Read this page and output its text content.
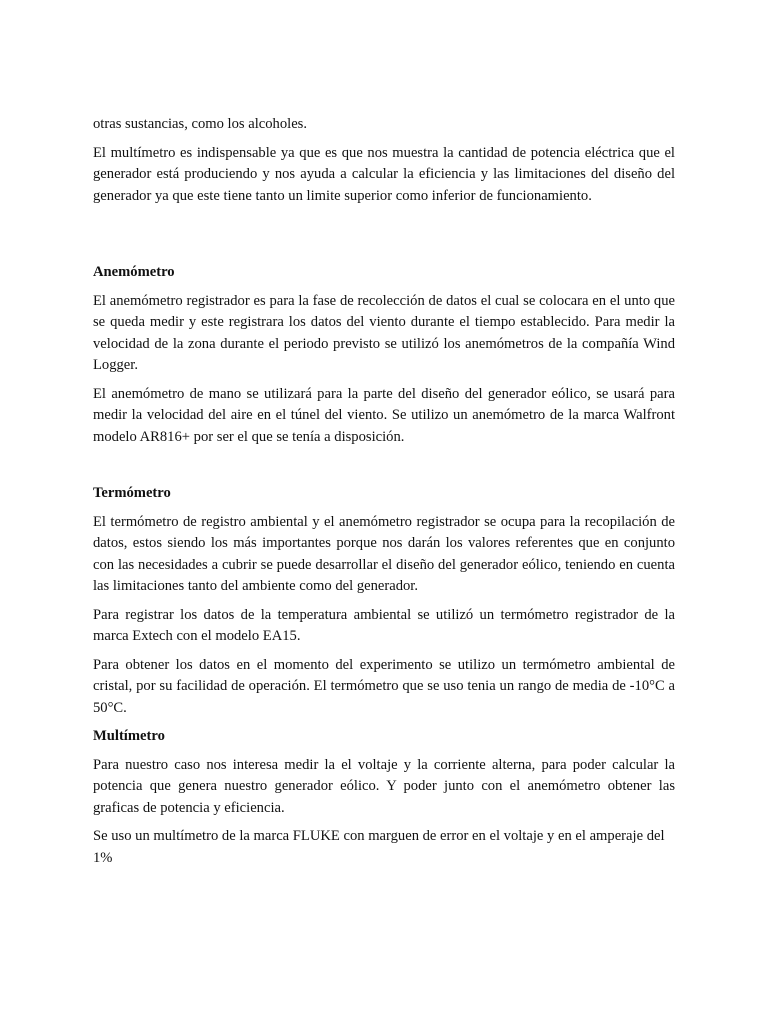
otras sustancias, como los alcoholes.

El multímetro es indispensable ya que es que nos muestra la cantidad de potencia eléctrica que el generador está produciendo y nos ayuda a calcular la eficiencia y las limitaciones del diseño del generador ya que este tiene tanto un limite superior como inferior de funcionamiento.

Anemómetro

El anemómetro registrador es para la fase de recolección de datos el cual se colocara en el unto que se queda medir y este registrara los datos del viento durante el tiempo establecido. Para medir la velocidad de la zona durante el periodo previsto se utilizó los anemómetros de la compañía Wind Logger.

El anemómetro de mano se utilizará para la parte del diseño del generador eólico, se usará para medir la velocidad del aire en el túnel del viento. Se utilizo un anemómetro de la marca Walfront modelo AR816+ por ser el que se tenía a disposición.

Termómetro

El termómetro de registro ambiental y el anemómetro registrador se ocupa para la recopilación de datos, estos siendo los más importantes porque nos darán los valores referentes que en conjunto con las necesidades a cubrir se puede desarrollar el diseño del generador eólico, teniendo en cuenta las limitaciones tanto del ambiente como del generador.

Para registrar los datos de la temperatura ambiental se utilizó un termómetro registrador de la marca Extech con el modelo EA15.

Para obtener los datos en el momento del experimento se utilizo un termómetro ambiental de cristal, por su facilidad de operación. El termómetro que se uso tenia un rango de media de -10°C a 50°C.

Multímetro

Para nuestro caso nos interesa medir la el voltaje y la corriente alterna, para poder calcular la potencia que genera nuestro generador eólico. Y poder junto con el anemómetro obtener las graficas de potencia y eficiencia.

Se uso un multímetro de la marca FLUKE con marguen de error en el voltaje y en el amperaje del 1%
